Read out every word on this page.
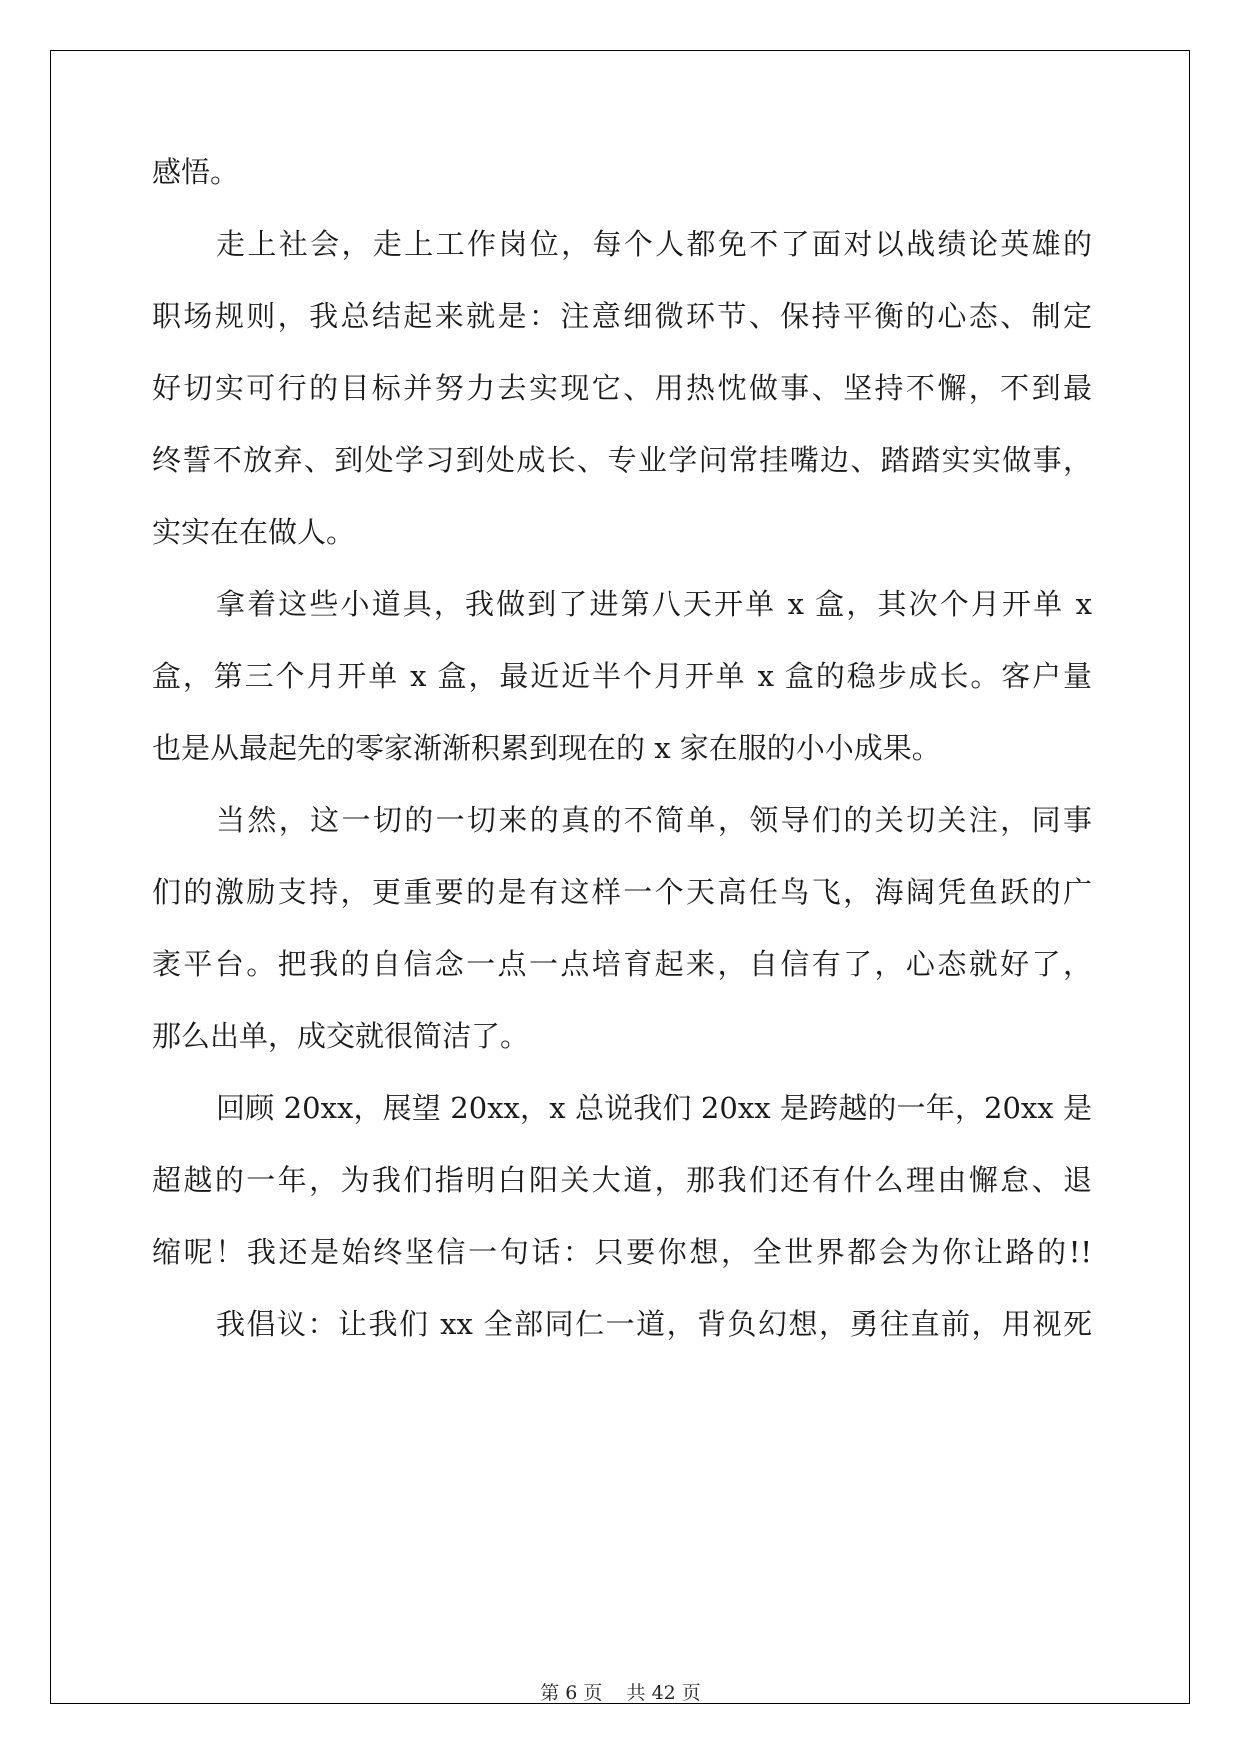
感悟。
走上社会，走上工作岗位，每个人都免不了面对以战绩论英雄的
职场规则，我总结起来就是：注意细微环节、保持平衡的心态、制定
好切实可行的目标并努力去实现它、用热忱做事、坚持不懈，不到最
终誓不放弃、到处学习到处成长、专业学问常挂嘴边、踏踏实实做事，
实实在在做人。
拿着这些小道具，我做到了进第八天开单 x 盒，其次个月开单 x
盒，第三个月开单 x 盒，最近近半个月开单 x 盒的稳步成长。客户量
也是从最起先的零家渐渐积累到现在的 x 家在服的小小成果。
当然，这一切的一切来的真的不简单，领导们的关切关注，同事
们的激励支持，更重要的是有这样一个天高任鸟飞，海阔凭鱼跃的广
袤平台。把我的自信念一点一点培育起来，自信有了，心态就好了，
那么出单，成交就很简洁了。
回顾 20xx，展望 20xx，x 总说我们 20xx 是跨越的一年，20xx 是
超越的一年，为我们指明白阳关大道，那我们还有什么理由懈怠、退
缩呢！我还是始终坚信一句话：只要你想，全世界都会为你让路的!!
我倡议：让我们 xx 全部同仁一道，背负幻想，勇往直前，用视死
第 6 页 共 42 页
